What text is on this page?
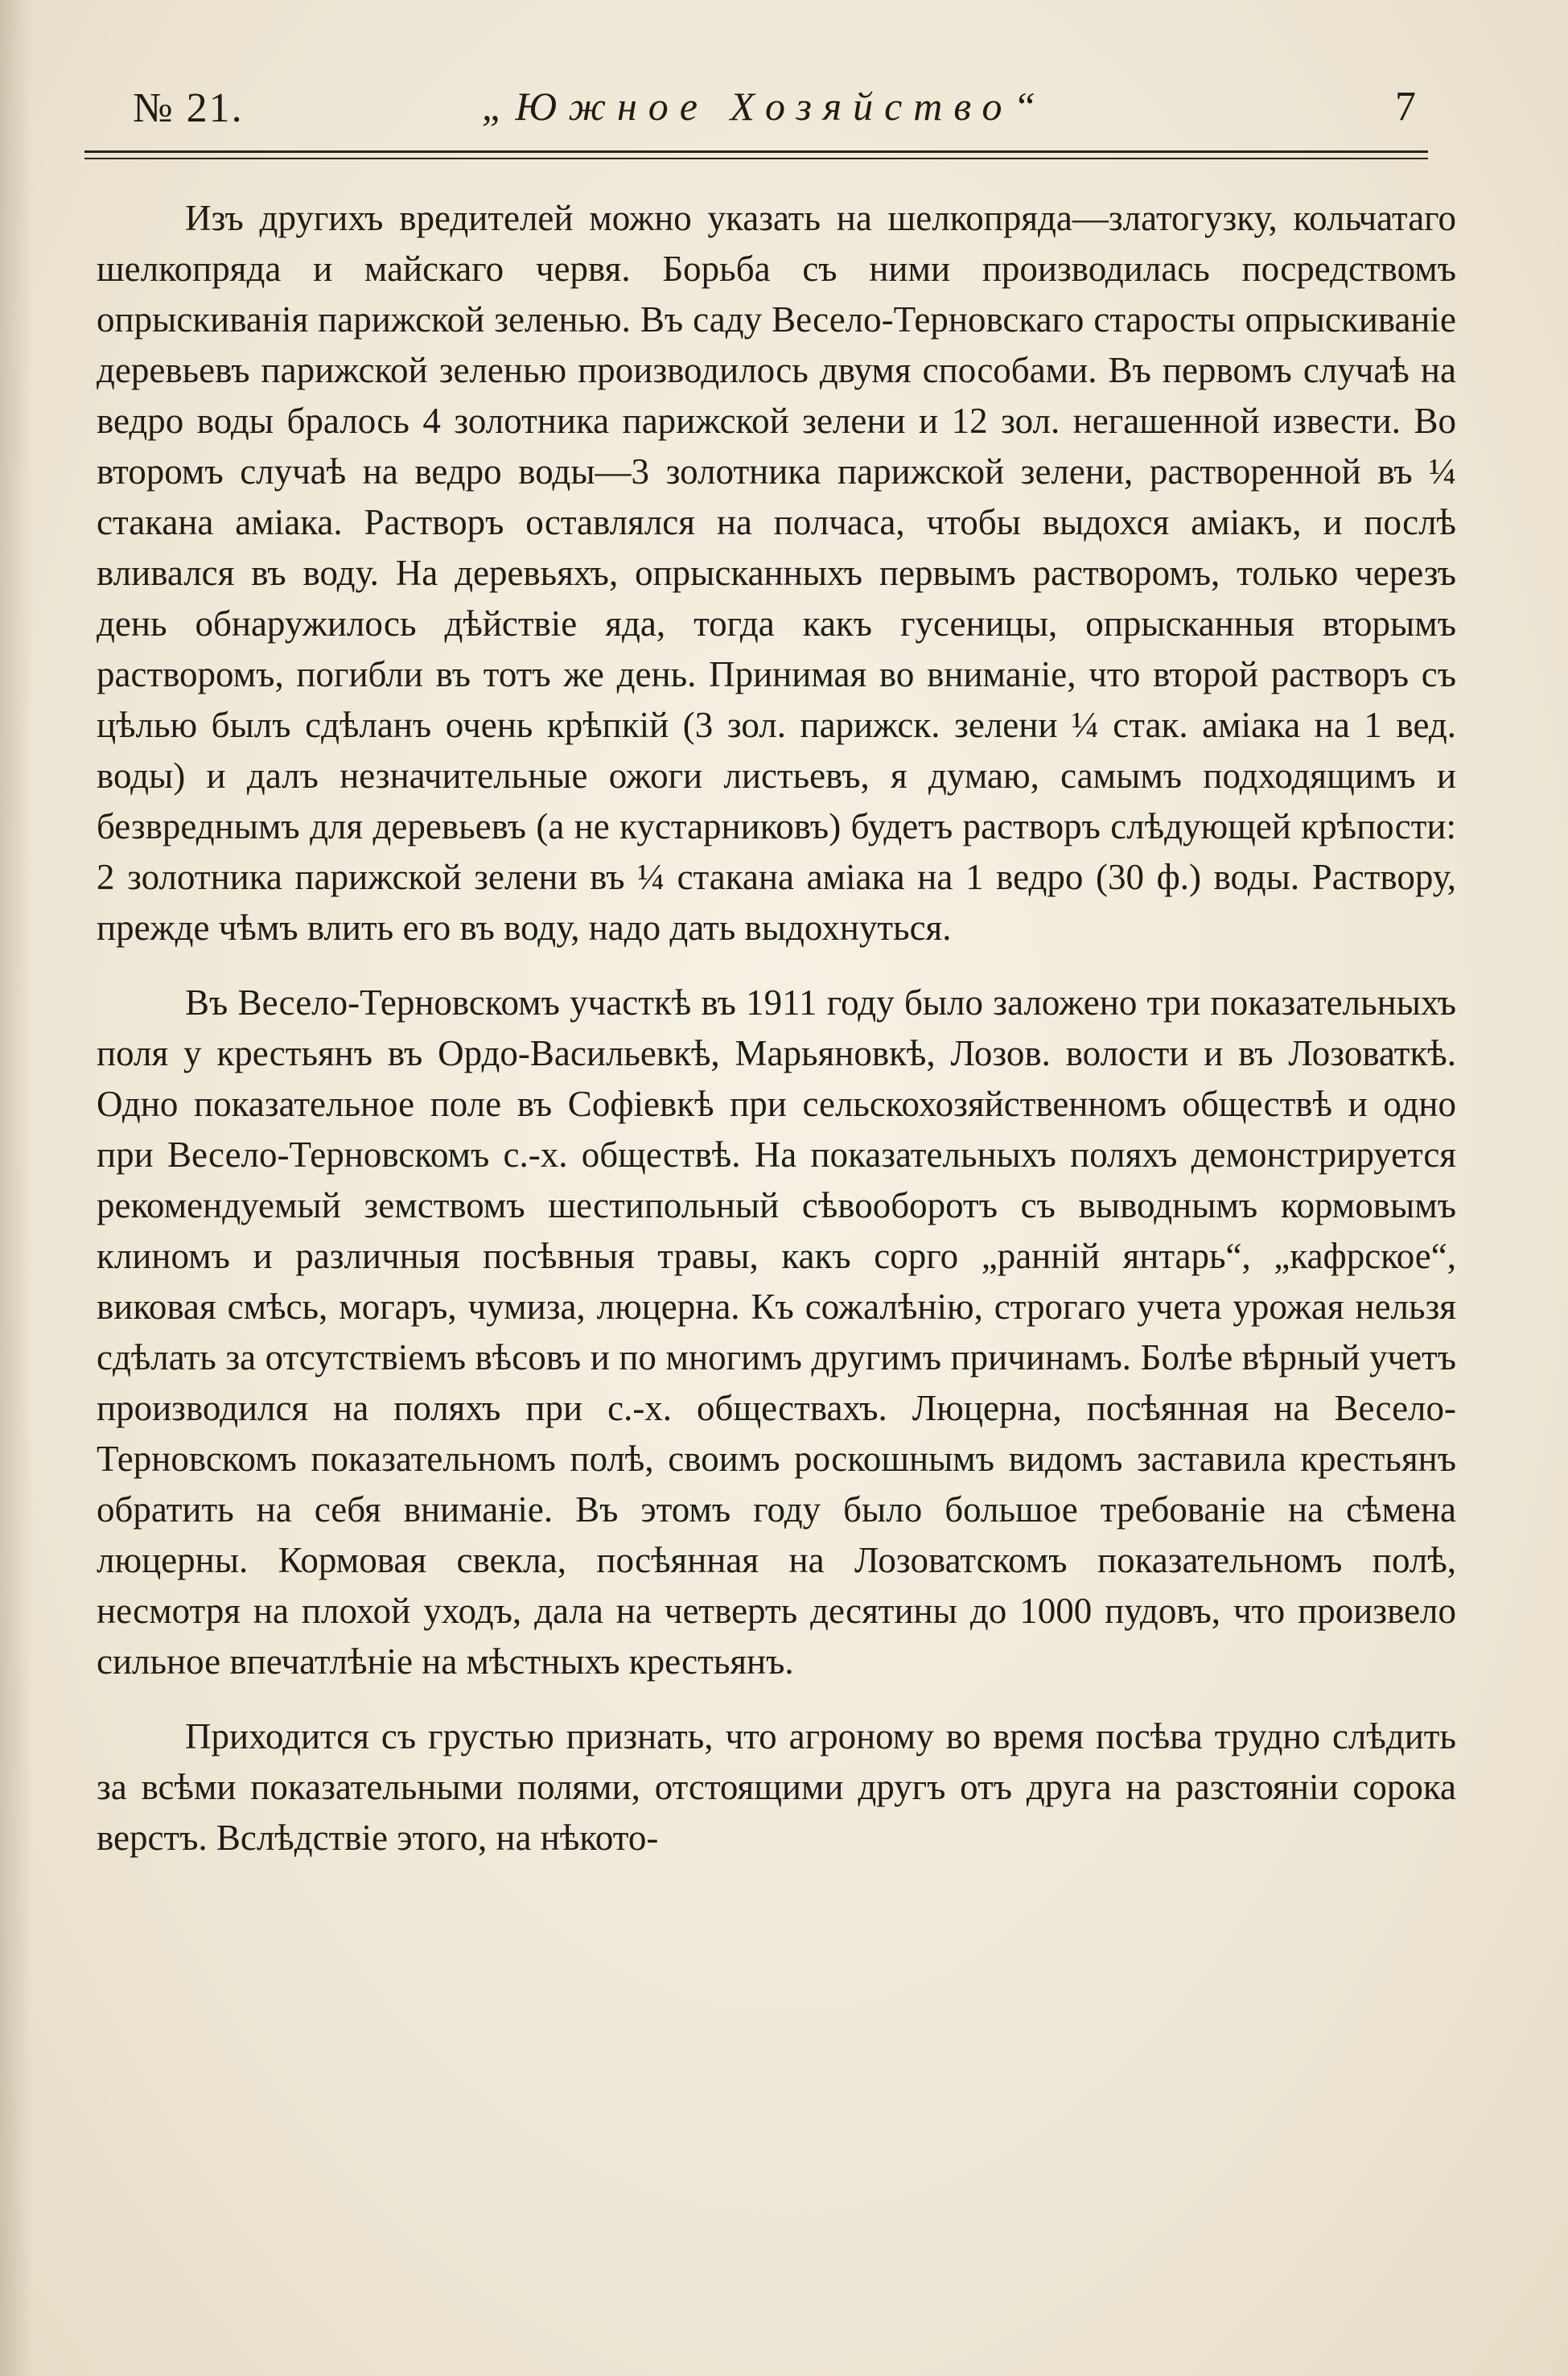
№ 21.	„Южное Хозяйство“	7

Изъ другихъ вредителей можно указать на шелкопряда—златогузку, кольчатаго шелкопряда и майскаго червя. Борьба съ ними производилась посредствомъ опрыскиванія парижской зеленью. Въ саду Весело-Терновскаго старосты опрыскиваніе деревьевъ парижской зеленью производилось двумя способами. Въ первомъ случаѣ на ведро воды бралось 4 золотника парижской зелени и 12 зол. негашенной извести. Во второмъ случаѣ на ведро воды—3 золотника парижской зелени, растворенной въ ¼ стакана аміака. Растворъ оставлялся на полчаса, чтобы выдохся аміакъ, и послѣ вливался въ воду. На деревьяхъ, опрысканныхъ первымъ растворомъ, только черезъ день обнаружилось дѣйствіе яда, тогда какъ гусеницы, опрысканныя вторымъ растворомъ, погибли въ тотъ же день. Принимая во вниманіе, что второй растворъ съ цѣлью былъ сдѣланъ очень крѣпкій (3 зол. парижск. зелени ¼ стак. аміака на 1 вед. воды) и далъ незначительные ожоги листьевъ, я думаю, самымъ подходящимъ и безвреднымъ для деревьевъ (а не кустарниковъ) будетъ растворъ слѣдующей крѣпости: 2 золотника парижской зелени въ ¼ стакана аміака на 1 ведро (30 ф.) воды. Раствору, прежде чѣмъ влить его въ воду, надо дать выдохнуться.

Въ Весело-Терновскомъ участкѣ въ 1911 году было заложено три показательныхъ поля у крестьянъ въ Ордо-Васильевкѣ, Марьяновкѣ, Лозов. волости и въ Лозоваткѣ. Одно показательное поле въ Софіевкѣ при сельскохозяйственномъ обществѣ и одно при Весело-Терновскомъ с.-х. обществѣ. На показательныхъ поляхъ демонстрируется рекомендуемый земствомъ шестипольный сѣвооборотъ съ выводнымъ кормовымъ клиномъ и различныя посѣвныя травы, какъ сорго „ранній янтарь“, „кафрское“, виковая смѣсь, могаръ, чумиза, люцерна. Къ сожалѣнію, строгаго учета урожая нельзя сдѣлать за отсутствіемъ вѣсовъ и по многимъ другимъ причинамъ. Болѣе вѣрный учетъ производился на поляхъ при с.-х. обществахъ. Люцерна, посѣянная на Весело-Терновскомъ показательномъ полѣ, своимъ роскошнымъ видомъ заставила крестьянъ обратить на себя вниманіе. Въ этомъ году было большое требованіе на сѣмена люцерны. Кормовая свекла, посѣянная на Лозоватскомъ показательномъ полѣ, несмотря на плохой уходъ, дала на четверть десятины до 1000 пудовъ, что произвело сильное впечатлѣніе на мѣстныхъ крестьянъ.

Приходится съ грустью признать, что агроному во время посѣва трудно слѣдить за всѣми показательными полями, отстоящими другъ отъ друга на разстояніи сорока верстъ. Вслѣдствіе этого, на нѣкото-
